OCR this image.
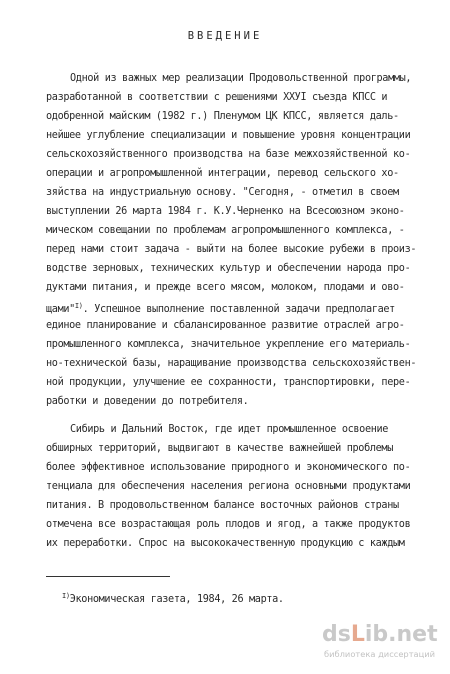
ВВЕДЕНИЕ
Одной из важных мер реализации Продовольственной программы,
разработанной в соответствии с решениями ХХУІ съезда КПСС и
одобренной майским (1982 г.) Пленумом ЦК КПСС, является даль-
нейшее углубление специализации и повышение уровня концентрации
сельскохозяйственного производства на базе межхозяйственной ко-
операции и агропромышленной интеграции, перевод сельского хо-
зяйства на индустриальную основу. "Сегодня, - отметил в своем
выступлении 26 марта 1984 г. К.У.Черненко на Всесоюзном эконо-
мическом совещании по проблемам агропромышленного комплекса, -
перед нами стоит задача - выйти на более высокие рубежи в произ-
водстве зерновых, технических культур и обеспечении народа про-
дуктами питания, и прежде всего мясом, молоком, плодами и ово-
щами"$^{I)}$. Успешное выполнение поставленной задачи предполагает
единое планирование и сбалансированное развитие отраслей агро-
промышленного комплекса, значительное укрепление его материаль-
но-технической базы, наращивание производства сельскохозяйствен-
ной продукции, улучшение ее сохранности, транспортировки, пере-
работки и доведении до потребителя.
Сибирь и Дальний Восток, где идет промышленное освоение
обширных территорий, выдвигают в качестве важнейшей проблемы
более эффективное использование природного и экономического по-
тенциала для обеспечения населения региона основными продуктами
питания. В продовольственном балансе восточных районов страны
отмечена все возрастающая роль плодов и ягод, а также продуктов
их переработки. Спрос на высококачественную продукцию с каждым
$^{I)}$Экономическая газета, 1984, 26 марта.
dsLib.net
библиотека диссертаций
